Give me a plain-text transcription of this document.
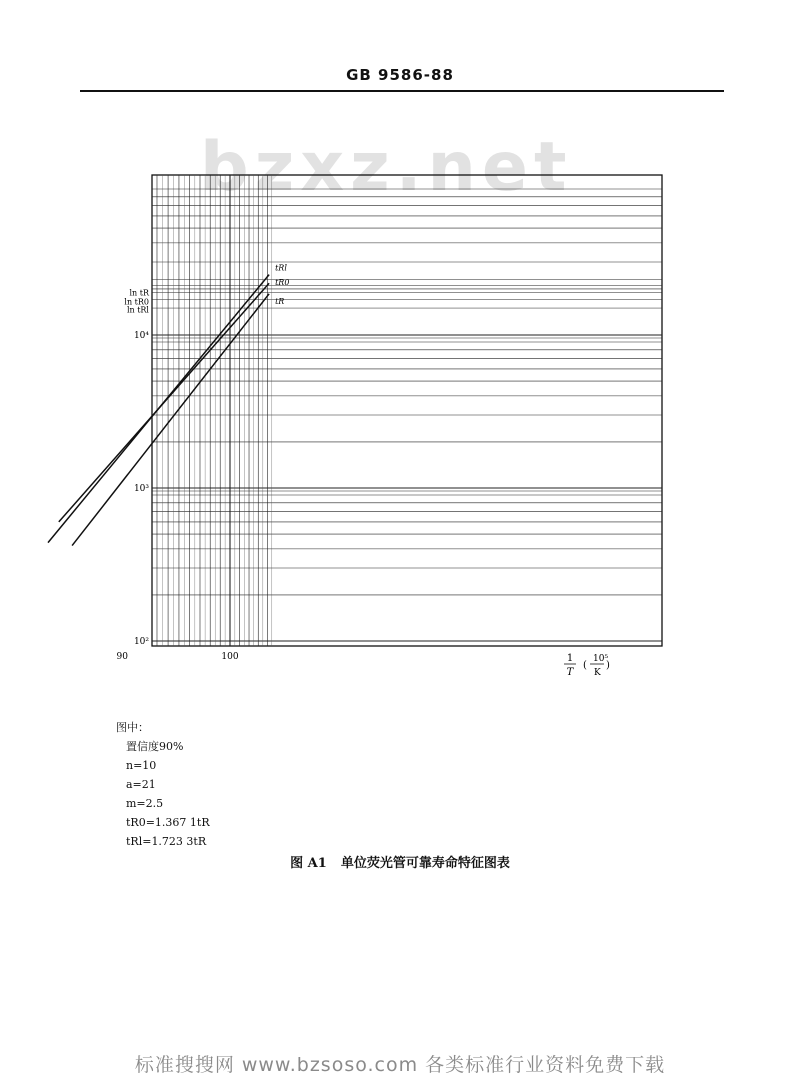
GB 9586-88
bzxz.net
tRl
tR0
tR
90	100
10²
10³
10⁴
ln tR
ln tR0
ln tRl
1
T
(
10⁵
K
)
图中：
置信度90%
n=10
a=21
m=2.5
tR0=1.367 1tR
tRl=1.723 3tR
图 A1 单位荧光管可靠寿命特征图表
标准搜搜网 www.bzsoso.com 各类标准行业资料免费下载
